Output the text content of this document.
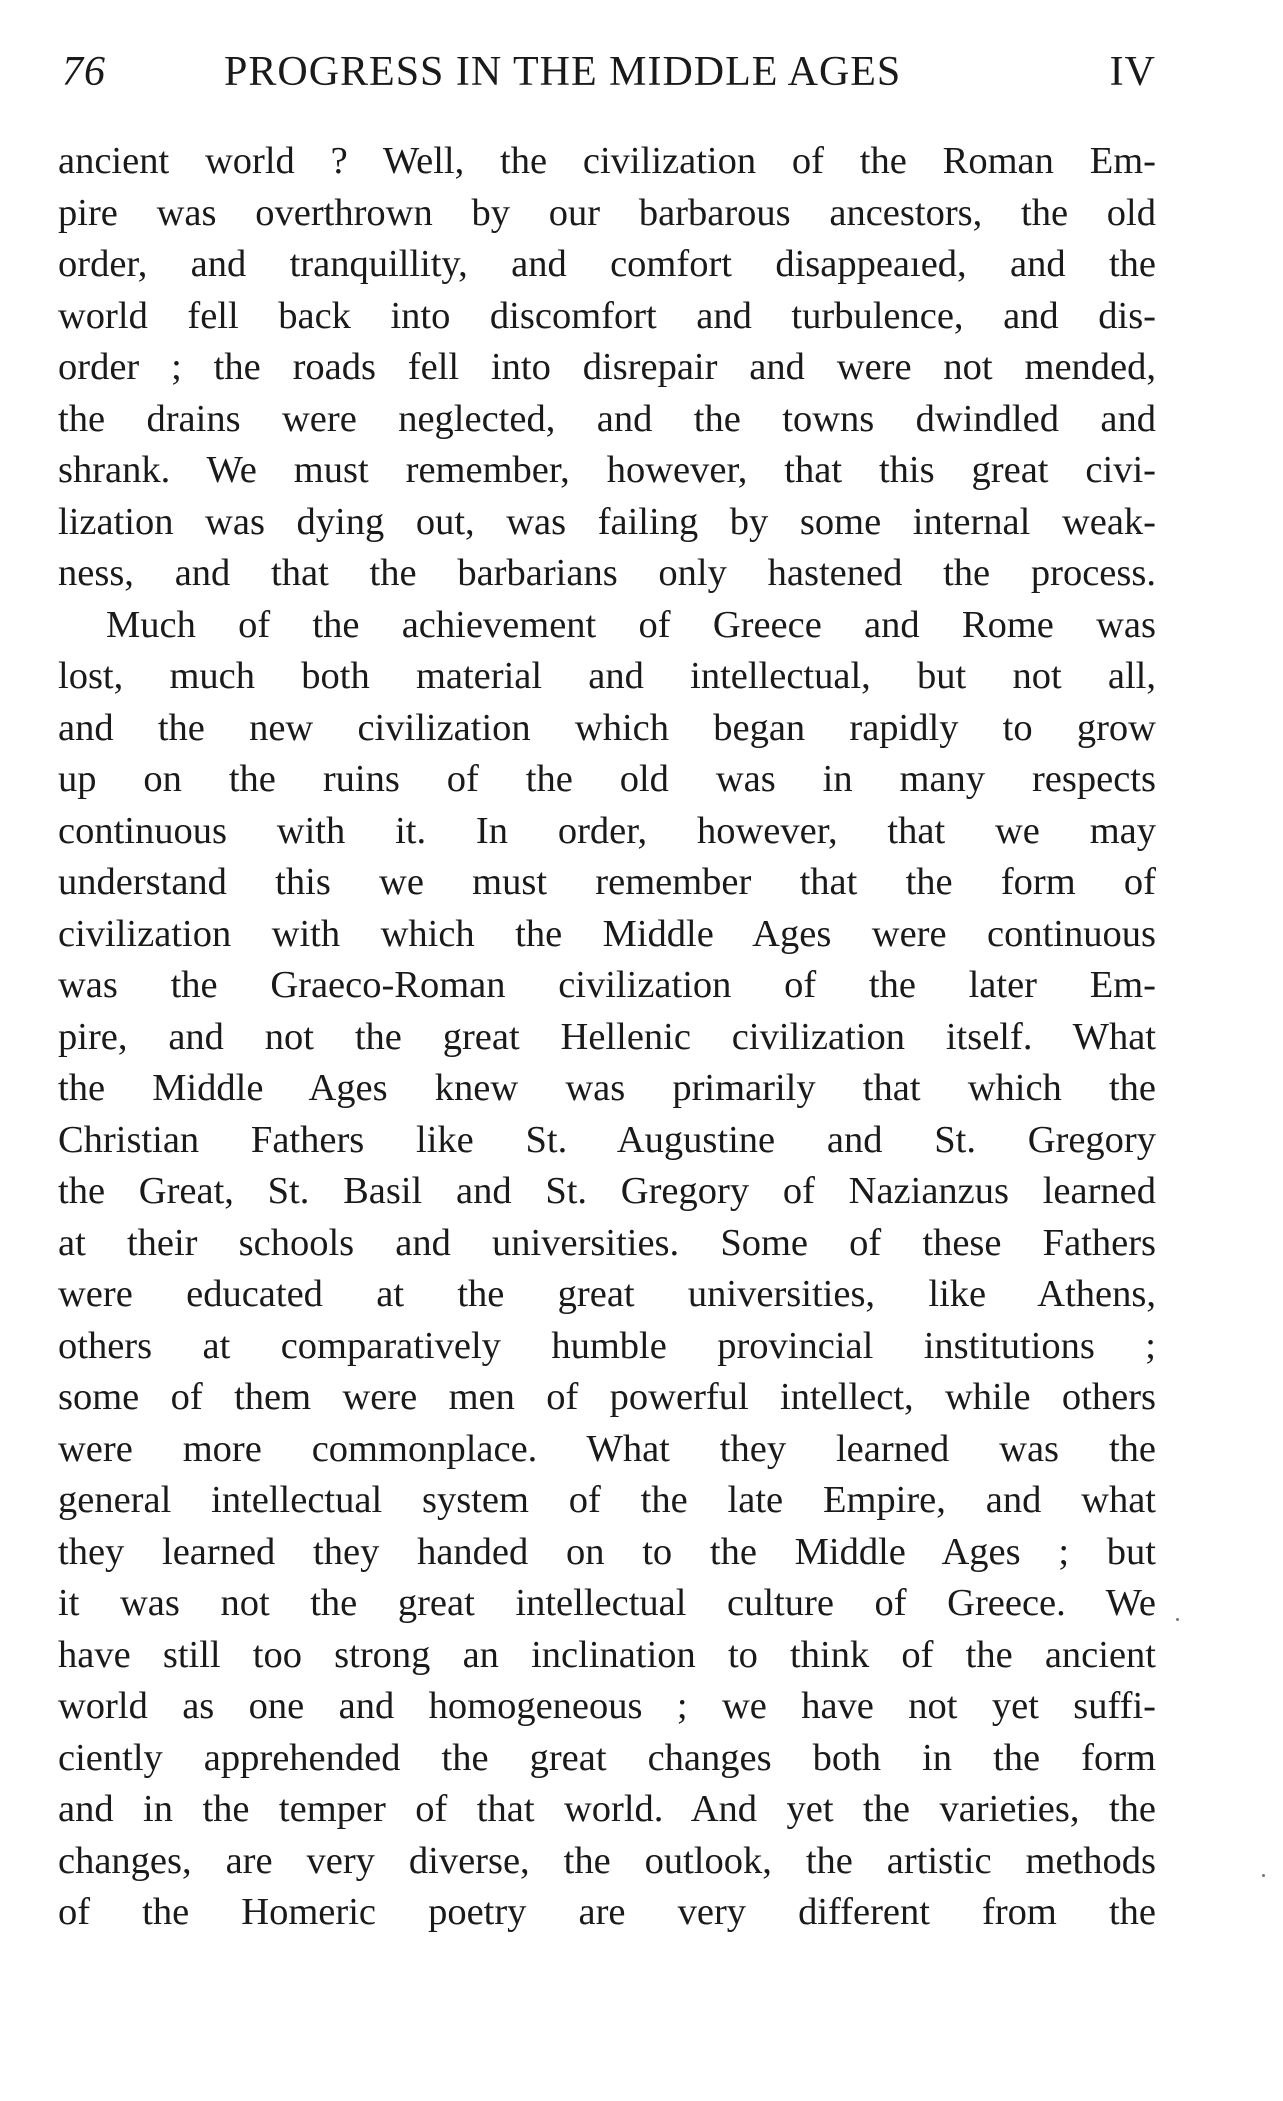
76	PROGRESS IN THE MIDDLE AGES	IV
ancient world ? Well, the civilization of the Roman Em-
pire was overthrown by our barbarous ancestors, the old
order, and tranquillity, and comfort disappeaıed, and the
world fell back into discomfort and turbulence, and dis-
order ; the roads fell into disrepair and were not mended,
the drains were neglected, and the towns dwindled and
shrank. We must remember, however, that this great civi-
lization was dying out, was failing by some internal weak-
ness, and that the barbarians only hastened the process.
Much of the achievement of Greece and Rome was
lost, much both material and intellectual, but not all,
and the new civilization which began rapidly to grow
up on the ruins of the old was in many respects
continuous with it. In order, however, that we may
understand this we must remember that the form of
civilization with which the Middle Ages were continuous
was the Graeco-Roman civilization of the later Em-
pire, and not the great Hellenic civilization itself. What
the Middle Ages knew was primarily that which the
Christian Fathers like St. Augustine and St. Gregory
the Great, St. Basil and St. Gregory of Nazianzus learned
at their schools and universities. Some of these Fathers
were educated at the great universities, like Athens,
others at comparatively humble provincial institutions ;
some of them were men of powerful intellect, while others
were more commonplace. What they learned was the
general intellectual system of the late Empire, and what
they learned they handed on to the Middle Ages ; but
it was not the great intellectual culture of Greece. We
have still too strong an inclination to think of the ancient
world as one and homogeneous ; we have not yet suffi-
ciently apprehended the great changes both in the form
and in the temper of that world. And yet the varieties, the
changes, are very diverse, the outlook, the artistic methods
of the Homeric poetry are very different from the
